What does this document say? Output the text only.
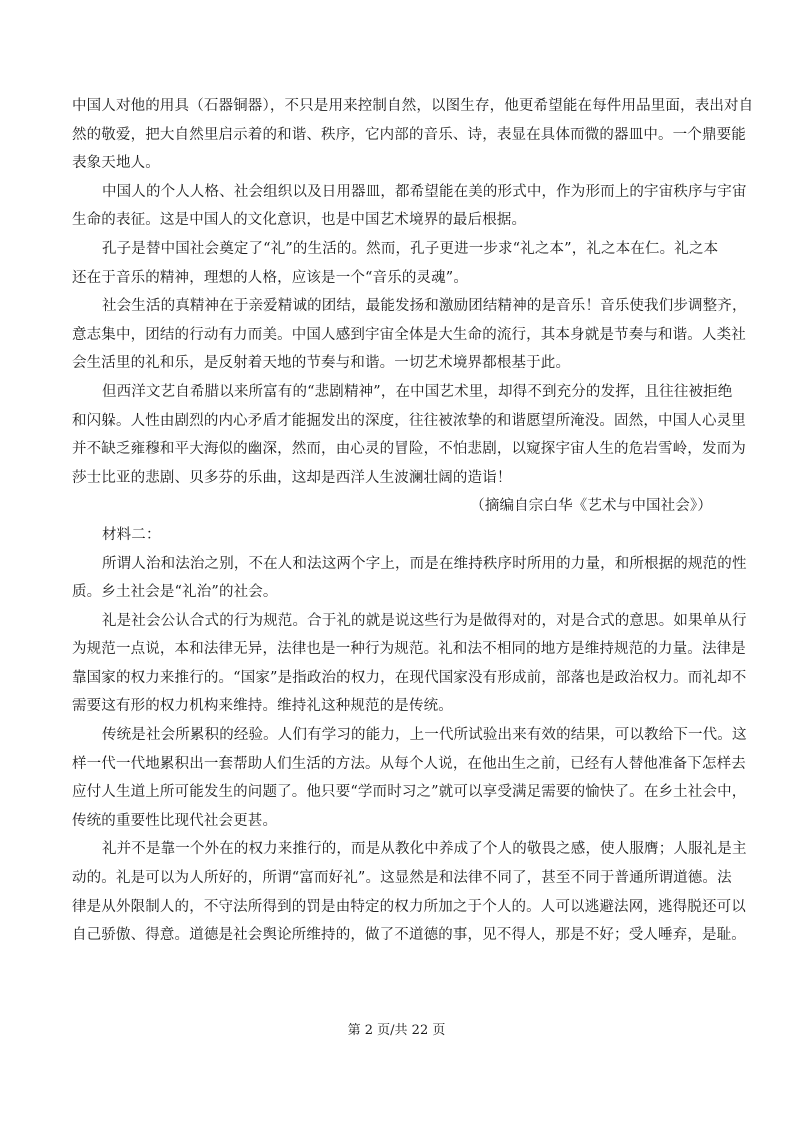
中国人对他的用具（石器铜器），不只是用来控制自然，以图生存，他更希望能在每件用品里面，表出对自
然的敬爱，把大自然里启示着的和谐、秩序，它内部的音乐、诗，表显在具体而微的器皿中。一个鼎要能
表象天地人。
中国人的个人人格、社会组织以及日用器皿，都希望能在美的形式中，作为形而上的宇宙秩序与宇宙
生命的表征。这是中国人的文化意识，也是中国艺术境界的最后根据。
孔子是替中国社会奠定了“礼”的生活的。然而，孔子更进一步求“礼之本”，礼之本在仁。礼之本
还在于音乐的精神，理想的人格，应该是一个“音乐的灵魂”。
社会生活的真精神在于亲爱精诚的团结，最能发扬和激励团结精神的是音乐！音乐使我们步调整齐，
意志集中，团结的行动有力而美。中国人感到宇宙全体是大生命的流行，其本身就是节奏与和谐。人类社
会生活里的礼和乐，是反射着天地的节奏与和谐。一切艺术境界都根基于此。
但西洋文艺自希腊以来所富有的“悲剧精神”，在中国艺术里，却得不到充分的发挥，且往往被拒绝
和闪躲。人性由剧烈的内心矛盾才能掘发出的深度，往往被浓挚的和谐愿望所淹没。固然，中国人心灵里
并不缺乏雍穆和平大海似的幽深，然而，由心灵的冒险，不怕悲剧，以窥探宇宙人生的危岩雪岭，发而为
莎士比亚的悲剧、贝多芬的乐曲，这却是西洋人生波澜壮阔的造诣！
（摘编自宗白华《艺术与中国社会》）
材料二：
所谓人治和法治之别，不在人和法这两个字上，而是在维持秩序时所用的力量，和所根据的规范的性
质。乡土社会是“礼治”的社会。
礼是社会公认合式的行为规范。合于礼的就是说这些行为是做得对的，对是合式的意思。如果单从行
为规范一点说，本和法律无异，法律也是一种行为规范。礼和法不相同的地方是维持规范的力量。法律是
靠国家的权力来推行的。“国家”是指政治的权力，在现代国家没有形成前，部落也是政治权力。而礼却不
需要这有形的权力机构来维持。维持礼这种规范的是传统。
传统是社会所累积的经验。人们有学习的能力，上一代所试验出来有效的结果，可以教给下一代。这
样一代一代地累积出一套帮助人们生活的方法。从每个人说，在他出生之前，已经有人替他准备下怎样去
应付人生道上所可能发生的问题了。他只要“学而时习之”就可以享受满足需要的愉快了。在乡土社会中，
传统的重要性比现代社会更甚。
礼并不是靠一个外在的权力来推行的，而是从教化中养成了个人的敬畏之感，使人服膺；人服礼是主
动的。礼是可以为人所好的，所谓“富而好礼”。这显然是和法律不同了，甚至不同于普通所谓道德。法
律是从外限制人的，不守法所得到的罚是由特定的权力所加之于个人的。人可以逃避法网，逃得脱还可以
自己骄傲、得意。道德是社会舆论所维持的，做了不道德的事，见不得人，那是不好；受人唾弃，是耻。
第 2 页/共 22 页
